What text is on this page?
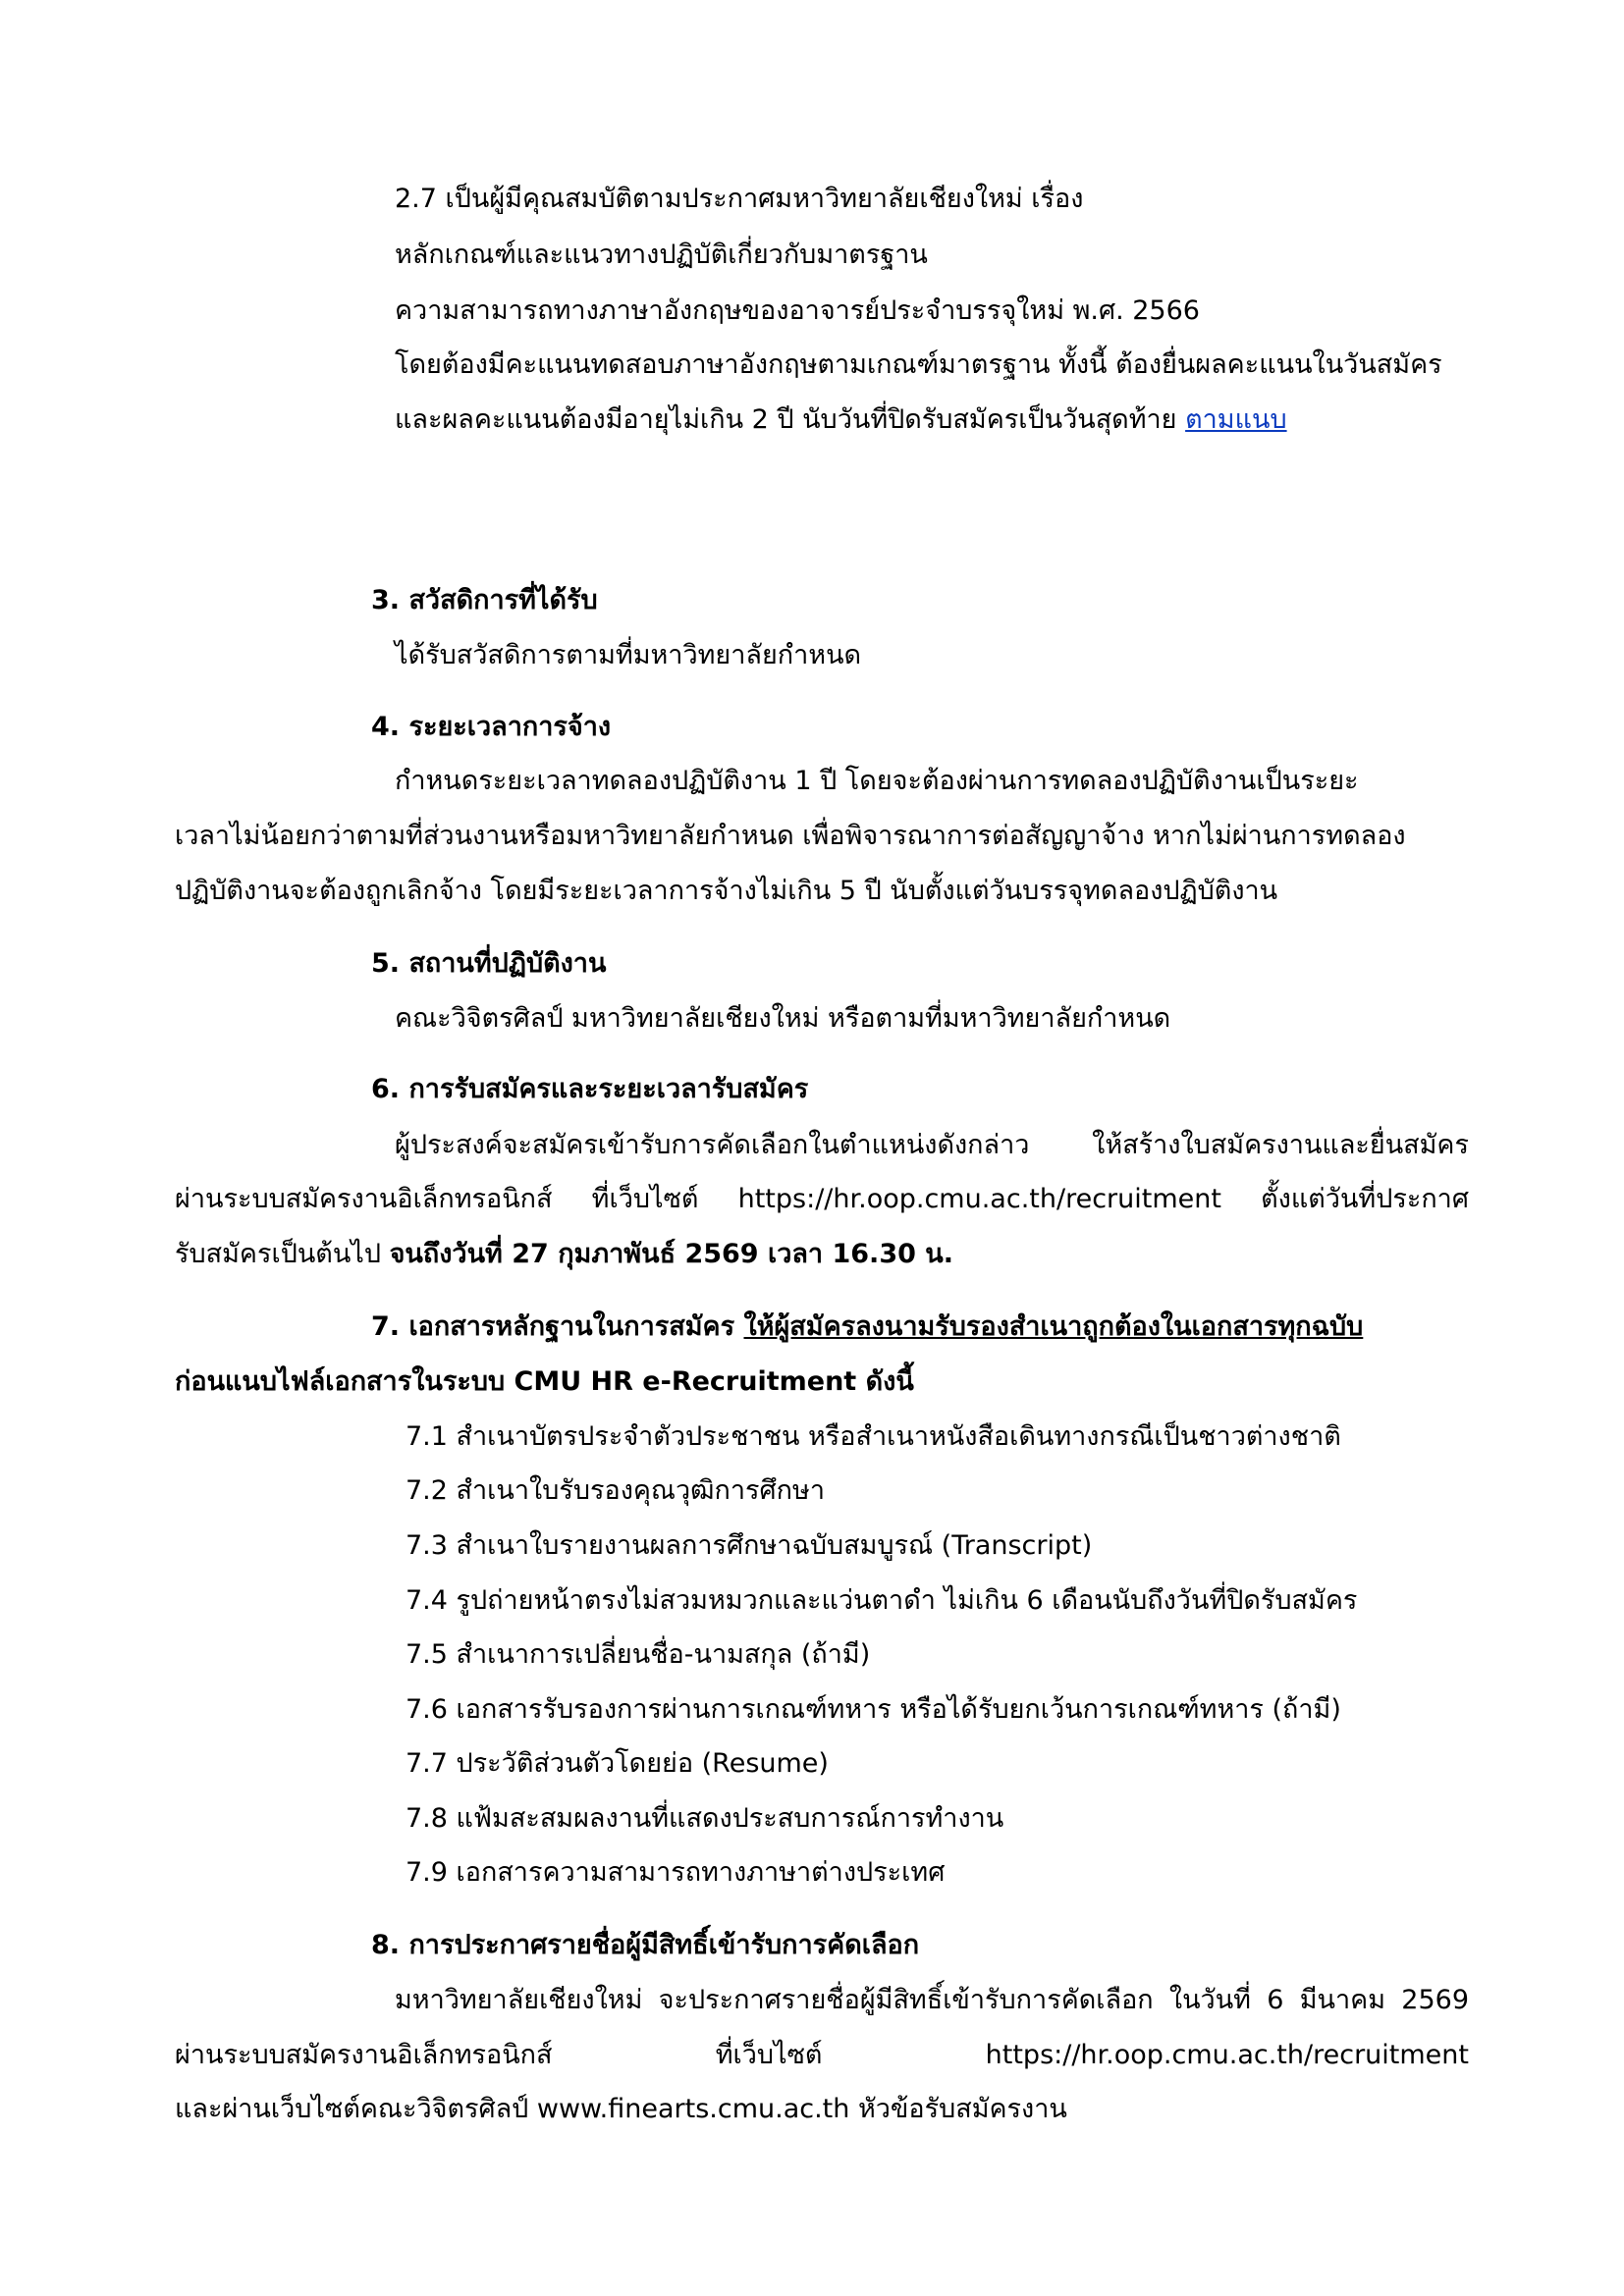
2.7 เป็นผู้มีคุณสมบัติตามประกาศมหาวิทยาลัยเชียงใหม่ เรื่อง

หลักเกณฑ์และแนวทางปฏิบัติเกี่ยวกับมาตรฐาน

ความสามารถทางภาษาอังกฤษของอาจารย์ประจำบรรจุใหม่ พ.ศ. 2566

โดยต้องมีคะแนนทดสอบภาษาอังกฤษตามเกณฑ์มาตรฐาน ทั้งนี้ ต้องยื่นผลคะแนนในวันสมัคร

และผลคะแนนต้องมีอายุไม่เกิน 2 ปี นับวันที่ปิดรับสมัครเป็นวันสุดท้าย ตามแนบ

3. สวัสดิการที่ได้รับ

ได้รับสวัสดิการตามที่มหาวิทยาลัยกำหนด

4. ระยะเวลาการจ้าง

กำหนดระยะเวลาทดลองปฏิบัติงาน 1 ปี โดยจะต้องผ่านการทดลองปฏิบัติงานเป็นระยะ

เวลาไม่น้อยกว่าตามที่ส่วนงานหรือมหาวิทยาลัยกำหนด เพื่อพิจารณาการต่อสัญญาจ้าง หากไม่ผ่านการทดลอง

ปฏิบัติงานจะต้องถูกเลิกจ้าง โดยมีระยะเวลาการจ้างไม่เกิน 5 ปี นับตั้งแต่วันบรรจุทดลองปฏิบัติงาน

5. สถานที่ปฏิบัติงาน

คณะวิจิตรศิลป์ มหาวิทยาลัยเชียงใหม่ หรือตามที่มหาวิทยาลัยกำหนด

6. การรับสมัครและระยะเวลารับสมัคร

ผู้ประสงค์จะสมัครเข้ารับการคัดเลือกในตำแหน่งดังกล่าว ให้สร้างใบสมัครงานและยื่นสมัคร
ผ่านระบบสมัครงานอิเล็กทรอนิกส์ ที่เว็บไซต์ https://hr.oop.cmu.ac.th/recruitment ตั้งแต่วันที่ประกาศ

รับสมัครเป็นต้นไป จนถึงวันที่ 27 กุมภาพันธ์ 2569 เวลา 16.30 น.

7. เอกสารหลักฐานในการสมัคร ให้ผู้สมัครลงนามรับรองสำเนาถูกต้องในเอกสารทุกฉบับ

ก่อนแนบไฟล์เอกสารในระบบ CMU HR e-Recruitment ดังนี้

7.1 สำเนาบัตรประจำตัวประชาชน หรือสำเนาหนังสือเดินทางกรณีเป็นชาวต่างชาติ

7.2 สำเนาใบรับรองคุณวุฒิการศึกษา

7.3 สำเนาใบรายงานผลการศึกษาฉบับสมบูรณ์ (Transcript)

7.4 รูปถ่ายหน้าตรงไม่สวมหมวกและแว่นตาดำ ไม่เกิน 6 เดือนนับถึงวันที่ปิดรับสมัคร

7.5 สำเนาการเปลี่ยนชื่อ-นามสกุล (ถ้ามี)

7.6 เอกสารรับรองการผ่านการเกณฑ์ทหาร หรือได้รับยกเว้นการเกณฑ์ทหาร (ถ้ามี)

7.7 ประวัติส่วนตัวโดยย่อ (Resume)

7.8 แฟ้มสะสมผลงานที่แสดงประสบการณ์การทำงาน

7.9 เอกสารความสามารถทางภาษาต่างประเทศ

8. การประกาศรายชื่อผู้มีสิทธิ์เข้ารับการคัดเลือก

มหาวิทยาลัยเชียงใหม่ จะประกาศรายชื่อผู้มีสิทธิ์เข้ารับการคัดเลือก ในวันที่ 6 มีนาคม 2569
ผ่านระบบสมัครงานอิเล็กทรอนิกส์	ที่เว็บไซต์	https://hr.oop.cmu.ac.th/recruitment

และผ่านเว็บไซต์คณะวิจิตรศิลป์ www.finearts.cmu.ac.th หัวข้อรับสมัครงาน
